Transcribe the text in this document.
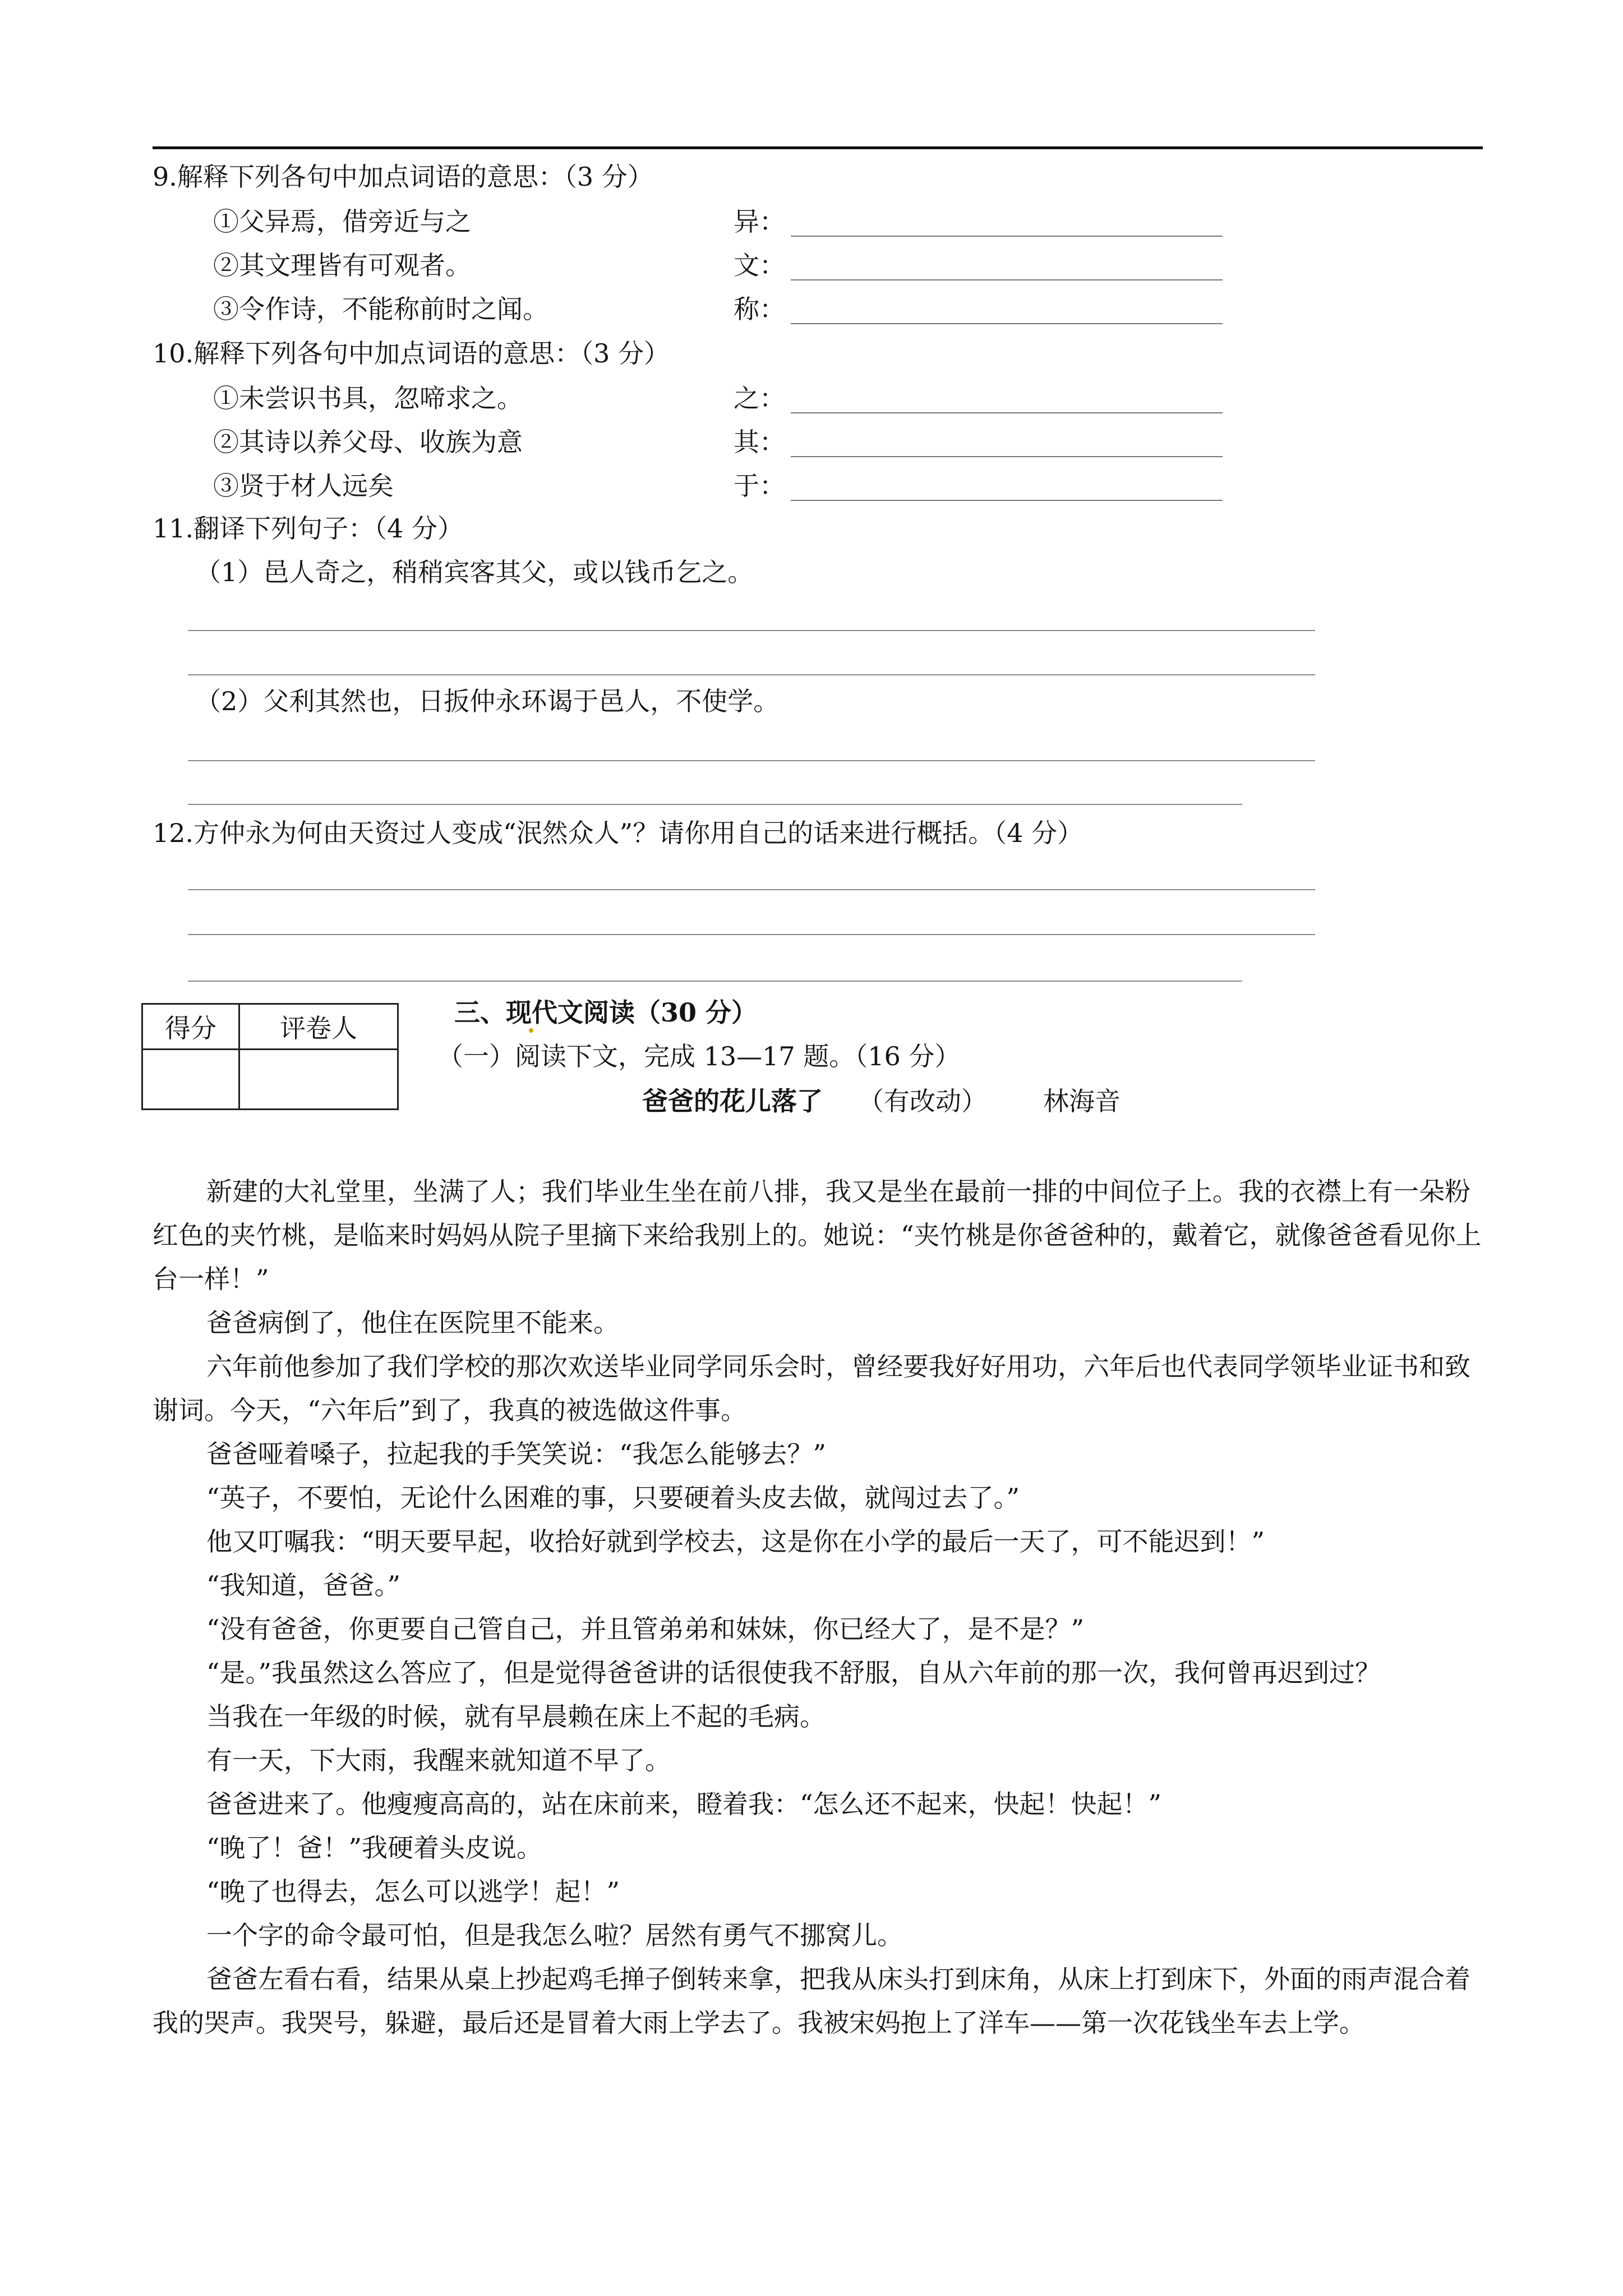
9.解释下列各句中加点词语的意思：（3 分）
①父异焉，借旁近与之	异：
②其文理皆有可观者。	文：
③令作诗，不能称前时之闻。	称：
10.解释下列各句中加点词语的意思：（3 分）
①未尝识书具，忽啼求之。	之：
②其诗以养父母、收族为意	其：
③贤于材人远矣	于：
11.翻译下列句子：（4 分）
（1）邑人奇之，稍稍宾客其父，或以钱币乞之。
（2）父利其然也，日扳仲永环谒于邑人，不使学。
12.方仲永为何由天资过人变成“泯然众人”？请你用自己的话来进行概括。（4 分）
得分	评卷人

三、现代文阅读（30 分）
（一）阅读下文，完成 13—17 题。（16 分）
爸爸的花儿落了 （有改动） 林海音

新建的大礼堂里，坐满了人；我们毕业生坐在前八排，我又是坐在最前一排的中间位子上。我的衣襟上有一朵粉红色的夹竹桃，是临来时妈妈从院子里摘下来给我别上的。她说：“夹竹桃是你爸爸种的，戴着它，就像爸爸看见你上台一样！”

爸爸病倒了，他住在医院里不能来。

六年前他参加了我们学校的那次欢送毕业同学同乐会时，曾经要我好好用功，六年后也代表同学领毕业证书和致谢词。今天，“六年后”到了，我真的被选做这件事。

爸爸哑着嗓子，拉起我的手笑笑说：“我怎么能够去？”

“英子，不要怕，无论什么困难的事，只要硬着头皮去做，就闯过去了。”

他又叮嘱我：“明天要早起，收拾好就到学校去，这是你在小学的最后一天了，可不能迟到！”

“我知道，爸爸。”

“没有爸爸，你更要自己管自己，并且管弟弟和妹妹，你已经大了，是不是？”

“是。”我虽然这么答应了，但是觉得爸爸讲的话很使我不舒服，自从六年前的那一次，我何曾再迟到过？

当我在一年级的时候，就有早晨赖在床上不起的毛病。

有一天，下大雨，我醒来就知道不早了。

爸爸进来了。他瘦瘦高高的，站在床前来，瞪着我：“怎么还不起来，快起！快起！”

“晚了！爸！”我硬着头皮说。

“晚了也得去，怎么可以逃学！起！”

一个字的命令最可怕，但是我怎么啦？居然有勇气不挪窝儿。

爸爸左看右看，结果从桌上抄起鸡毛掸子倒转来拿，把我从床头打到床角，从床上打到床下，外面的雨声混合着我的哭声。我哭号，躲避，最后还是冒着大雨上学去了。我被宋妈抱上了洋车——第一次花钱坐车去上学。
